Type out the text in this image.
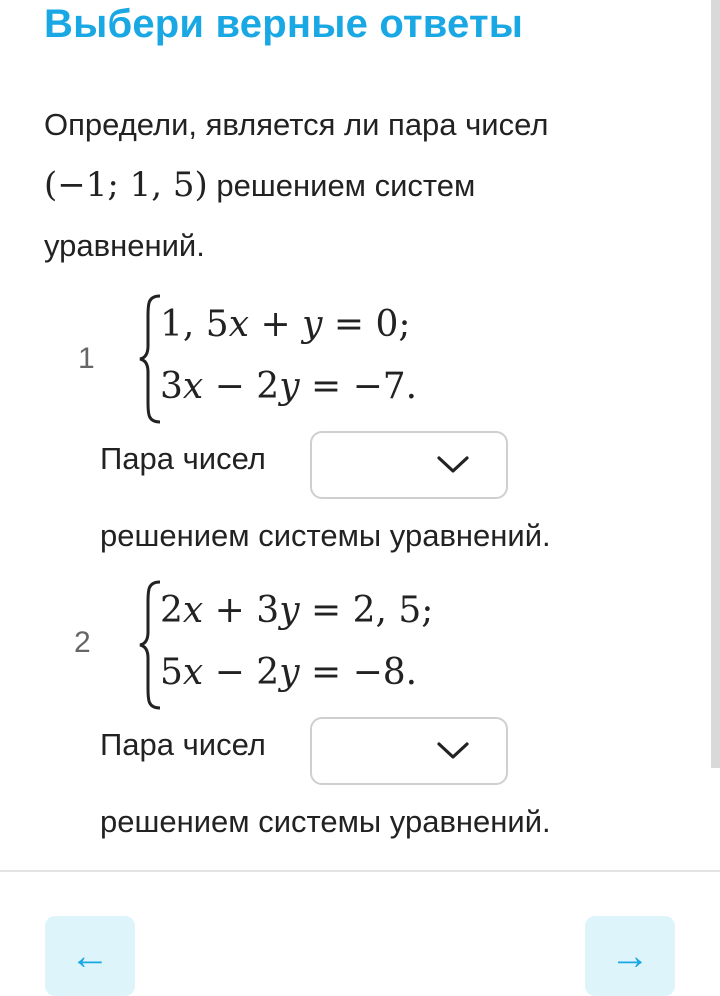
Выбери верные ответы
Определи, является ли пара чисел
(−1; 1, 5) решением систем
уравнений.
1
1, 5x + y = 0;
3x − 2y = −7.
Пара чисел
решением системы уравнений.
2
2x + 3y = 2, 5;
5x − 2y = −8.
Пара чисел
решением системы уравнений.
←	→
